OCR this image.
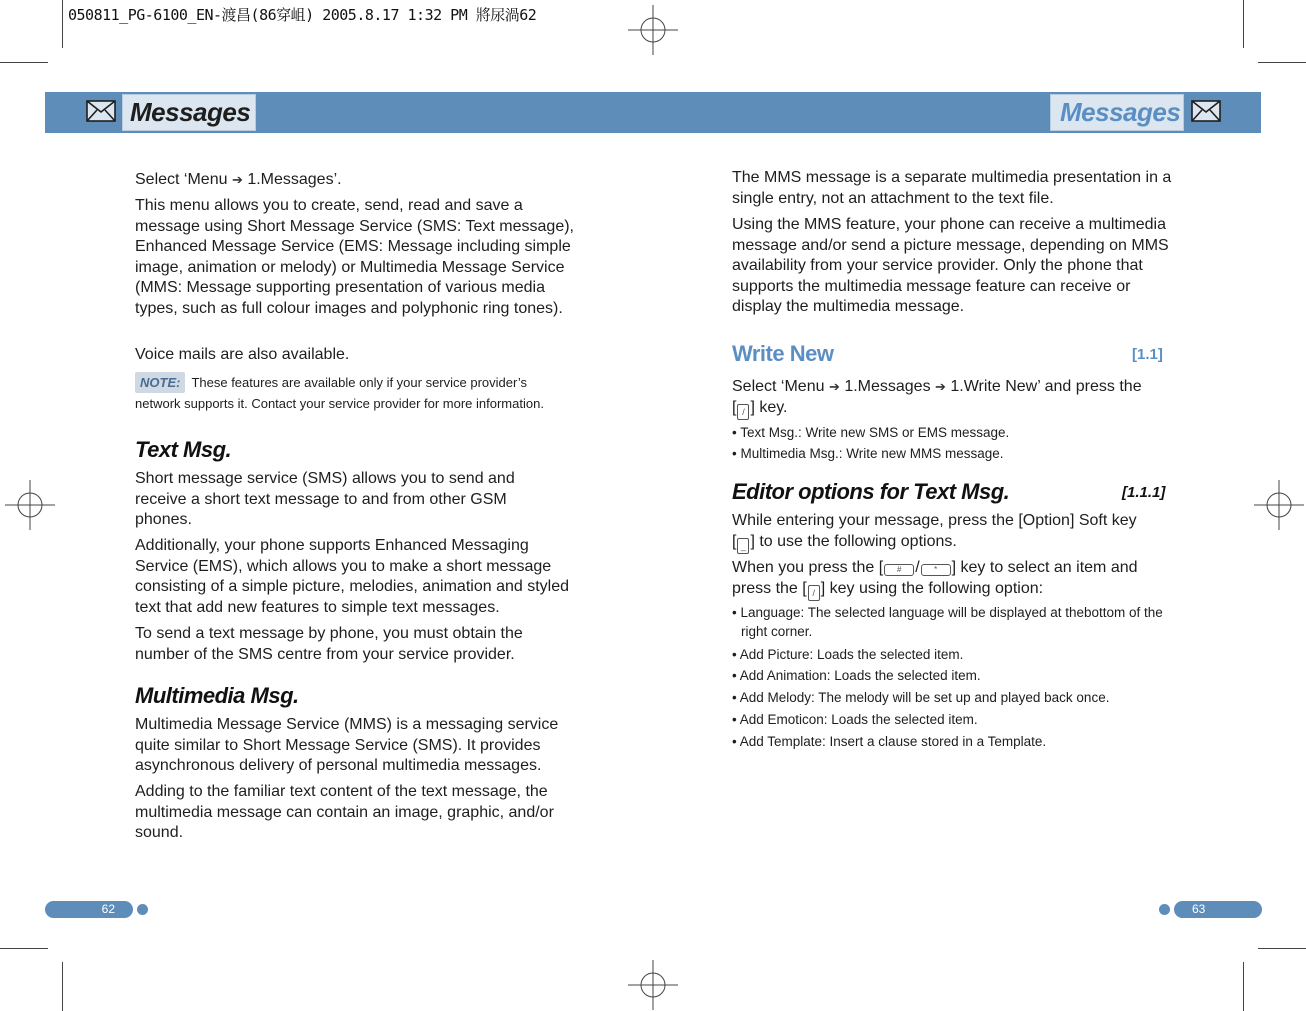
050811_PG-6100_EN-渡昌(86穿岨) 2005.8.17 1:32 PM 將尿渦62
Messages	Messages
Select ‘Menu ➔ 1.Messages’.
This menu allows you to create, send, read and save a message using Short Message Service (SMS: Text message), Enhanced Message Service (EMS: Message including simple image, animation or melody) or Multimedia Message Service (MMS: Message supporting presentation of various media types, such as full colour images and polyphonic ring tones).
Voice mails are also available.
NOTE: These features are available only if your service provider’s network supports it. Contact your service provider for more information.
Text Msg.
Short message service (SMS) allows you to send and receive a short text message to and from other GSM phones.
Additionally, your phone supports Enhanced Messaging Service (EMS), which allows you to make a short message consisting of a simple picture, melodies, animation and styled text that add new features to simple text messages.
To send a text message by phone, you must obtain the number of the SMS centre from your service provider.
Multimedia Msg.
Multimedia Message Service (MMS) is a messaging service quite similar to Short Message Service (SMS). It provides asynchronous delivery of personal multimedia messages.
Adding to the familiar text content of the text message, the multimedia message can contain an image, graphic, and/or sound.
The MMS message is a separate multimedia presentation in a single entry, not an attachment to the text file.
Using the MMS feature, your phone can receive a multimedia message and/or send a picture message, depending on MMS availability from your service provider. Only the phone that supports the multimedia message feature can receive or display the multimedia message.
Write New	[1.1]
Select ‘Menu ➔ 1.Messages ➔ 1.Write New’ and press the
[ / ] key.
• Text Msg.: Write new SMS or EMS message.
• Multimedia Msg.: Write new MMS message.
Editor options for Text Msg.	[1.1.1]
While entering your message, press the [Option] Soft key
[ _ ] to use the following options.
When you press the [ # / * ] key to select an item and
press the [ / ] key using the following option:
• Language: The selected language will be displayed at thebottom of the right corner.
• Add Picture: Loads the selected item.
• Add Animation: Loads the selected item.
• Add Melody: The melody will be set up and played back once.
• Add Emoticon: Loads the selected item.
• Add Template: Insert a clause stored in a Template.
62	63
